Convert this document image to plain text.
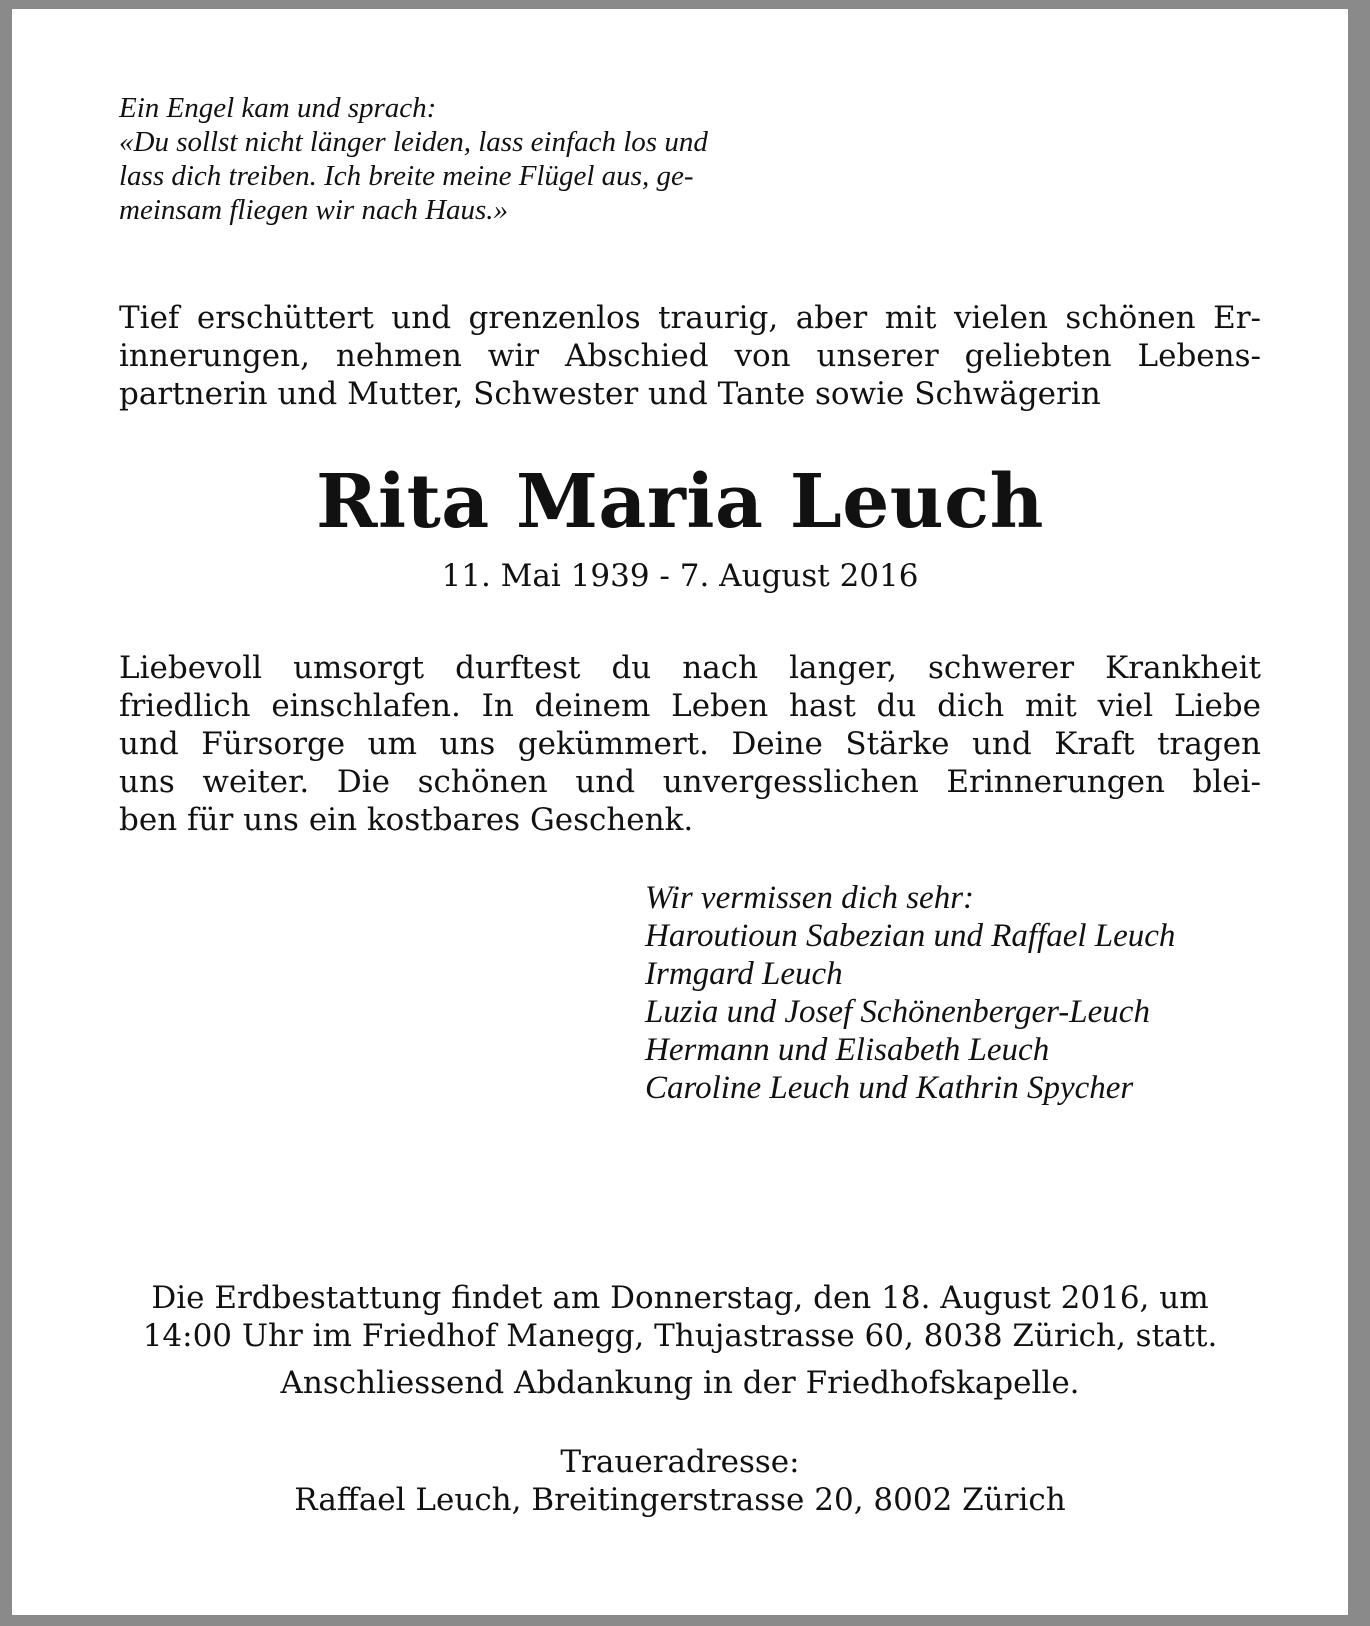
Ein Engel kam und sprach:
«Du sollst nicht länger leiden, lass einfach los und
lass dich treiben. Ich breite meine Flügel aus, ge-
meinsam fliegen wir nach Haus.»
Tief erschüttert und grenzenlos traurig, aber mit vielen schönen Er-
innerungen, nehmen wir Abschied von unserer geliebten Lebens-
partnerin und Mutter, Schwester und Tante sowie Schwägerin
Rita Maria Leuch
11. Mai 1939 - 7. August 2016
Liebevoll umsorgt durftest du nach langer, schwerer Krankheit
friedlich einschlafen. In deinem Leben hast du dich mit viel Liebe
und Fürsorge um uns gekümmert. Deine Stärke und Kraft tragen
uns weiter. Die schönen und unvergesslichen Erinnerungen blei-
ben für uns ein kostbares Geschenk.
Wir vermissen dich sehr:
Haroutioun Sabezian und Raffael Leuch
Irmgard Leuch
Luzia und Josef Schönenberger-Leuch
Hermann und Elisabeth Leuch
Caroline Leuch und Kathrin Spycher
Die Erdbestattung findet am Donnerstag, den 18. August 2016, um
14:00 Uhr im Friedhof Manegg, Thujastrasse 60, 8038 Zürich, statt.
Anschliessend Abdankung in der Friedhofskapelle.
Traueradresse:
Raffael Leuch, Breitingerstrasse 20, 8002 Zürich
